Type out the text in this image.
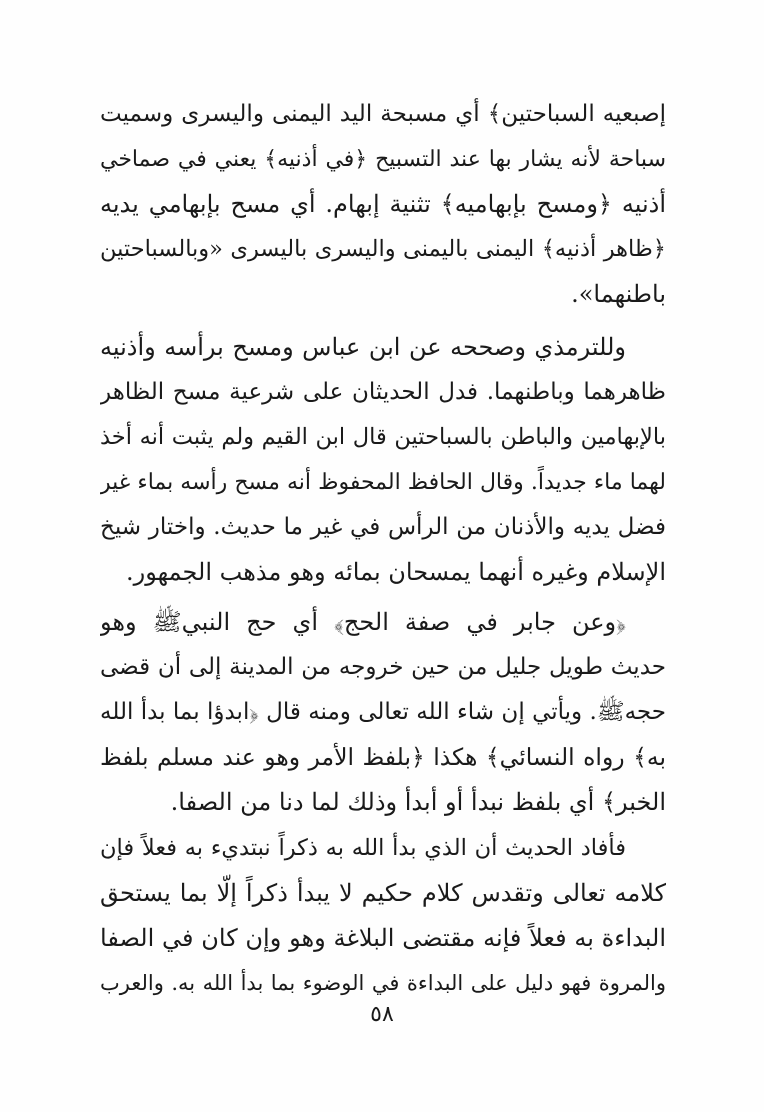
إصبعيه السباحتين﴾ أي مسبحة اليد اليمنى واليسرى وسميت
سباحة لأنه يشار بها عند التسبيح ﴿في أذنيه﴾ يعني في صماخي
أذنيه ﴿ومسح بإبهاميه﴾ تثنية إبهام. أي مسح بإبهامي يديه
﴿ظاهر أذنيه﴾ اليمنى باليمنى واليسرى باليسرى «وبالسباحتين
باطنهما».
وللترمذي وصححه عن ابن عباس ومسح برأسه وأذنيه
ظاهرهما وباطنهما. فدل الحديثان على شرعية مسح الظاهر
بالإبهامين والباطن بالسباحتين قال ابن القيم ولم يثبت أنه أخذ
لهما ماء جديداً. وقال الحافظ المحفوظ أنه مسح رأسه بماء غير
فضل يديه والأذنان من الرأس في غير ما حديث. واختار شيخ
الإسلام وغيره أنهما يمسحان بمائه وهو مذهب الجمهور.
﴿وعن جابر في صفة الحج﴾ أي حج النبيﷺ وهو
حديث طويل جليل من حين خروجه من المدينة إلى أن قضى
حجهﷺ. ويأتي إن شاء الله تعالى ومنه قال ﴿ابدؤا بما بدأ الله
به﴾ رواه النسائي﴾ هكذا ﴿بلفظ الأمر وهو عند مسلم بلفظ
الخبر﴾ أي بلفظ نبدأ أو أبدأ وذلك لما دنا من الصفا.
فأفاد الحديث أن الذي بدأ الله به ذكراً نبتديء به فعلاً فإن
كلامه تعالى وتقدس كلام حكيم لا يبدأ ذكراً إلّا بما يستحق
البداءة به فعلاً فإنه مقتضى البلاغة وهو وإن كان في الصفا
والمروة فهو دليل على البداءة في الوضوء بما بدأ الله به. والعرب
٥٨
